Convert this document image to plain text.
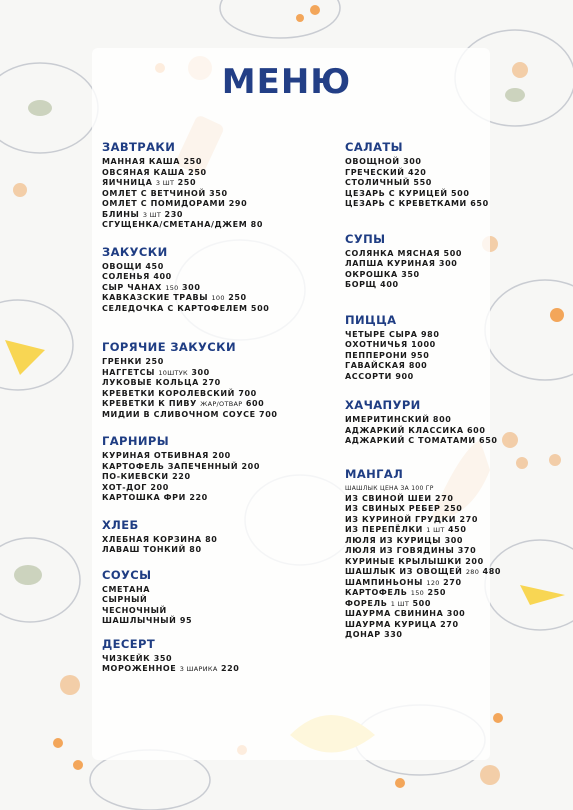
МЕНЮ
ЗАВТРАКИ
МАННАЯ КАША 250
ОВСЯНАЯ КАША 250
ЯИЧНИЦА 3 ШТ 250
ОМЛЕТ С ВЕТЧИНОЙ 350
ОМЛЕТ С ПОМИДОРАМИ 290
БЛИНЫ 3 ШТ 230
СГУЩЕНКА/СМЕТАНА/ДЖЕМ 80
ЗАКУСКИ
ОВОЩИ 450
СОЛЕНЬЯ 400
СЫР ЧАНАХ 150 300
КАВКАЗСКИЕ ТРАВЫ 100 250
СЕЛЕДОЧКА С КАРТОФЕЛЕМ 500
ГОРЯЧИЕ ЗАКУСКИ
ГРЕНКИ 250
НАГГЕТСЫ 10ШТУК 300
ЛУКОВЫЕ КОЛЬЦА 270
КРЕВЕТКИ КОРОЛЕВСКИЙ 700
КРЕВЕТКИ К ПИВУ ЖАР/ОТВАР 600
МИДИИ В СЛИВОЧНОМ СОУСЕ 700
ГАРНИРЫ
КУРИНАЯ ОТБИВНАЯ 200
КАРТОФЕЛЬ ЗАПЕЧЕННЫЙ 200
ПО-КИЕВСКИ 220
ХОТ-ДОГ 200
КАРТОШКА ФРИ 220
ХЛЕБ
ХЛЕБНАЯ КОРЗИНА 80
ЛАВАШ ТОНКИЙ 80
СОУСЫ
СМЕТАНА
СЫРНЫЙ
ЧЕСНОЧНЫЙ
ШАШЛЫЧНЫЙ 95
ДЕСЕРТ
ЧИЗКЕЙК 350
МОРОЖЕННОЕ 3 ШАРИКА 220
САЛАТЫ
ОВОЩНОЙ 300
ГРЕЧЕСКИЙ 420
СТОЛИЧНЫЙ 550
ЦЕЗАРЬ С КУРИЦЕЙ 500
ЦЕЗАРЬ С КРЕВЕТКАМИ 650
СУПЫ
СОЛЯНКА МЯСНАЯ 500
ЛАПША КУРИНАЯ 300
ОКРОШКА 350
БОРЩ 400
ПИЦЦА
ЧЕТЫРЕ СЫРА 980
ОХОТНИЧЬЯ 1000
ПЕППЕРОНИ 950
ГАВАЙСКАЯ 800
АССОРТИ 900
ХАЧАПУРИ
ИМЕРИТИНСКИЙ 800
АДЖАРКИЙ КЛАССИКА 600
АДЖАРКИЙ С ТОМАТАМИ 650
МАНГАЛ
ШАШЛЫК ЦЕНА ЗА 100 ГР
ИЗ СВИНОЙ ШЕИ 270
ИЗ СВИНЫХ РЕБЕР 250
ИЗ КУРИНОЙ ГРУДКИ 270
ИЗ ПЕРЕПЁЛКИ 1 ШТ 450
ЛЮЛЯ ИЗ КУРИЦЫ 300
ЛЮЛЯ ИЗ ГОВЯДИНЫ 370
КУРИНЫЕ КРЫЛЫШКИ 200
ШАШЛЫК ИЗ ОВОЩЕЙ 280 480
ШАМПИНЬОНЫ 120 270
КАРТОФЕЛЬ 150 250
ФОРЕЛЬ 1 ШТ 500
ШАУРМА СВИНИНА 300
ШАУРМА КУРИЦА 270
ДОНАР 330
